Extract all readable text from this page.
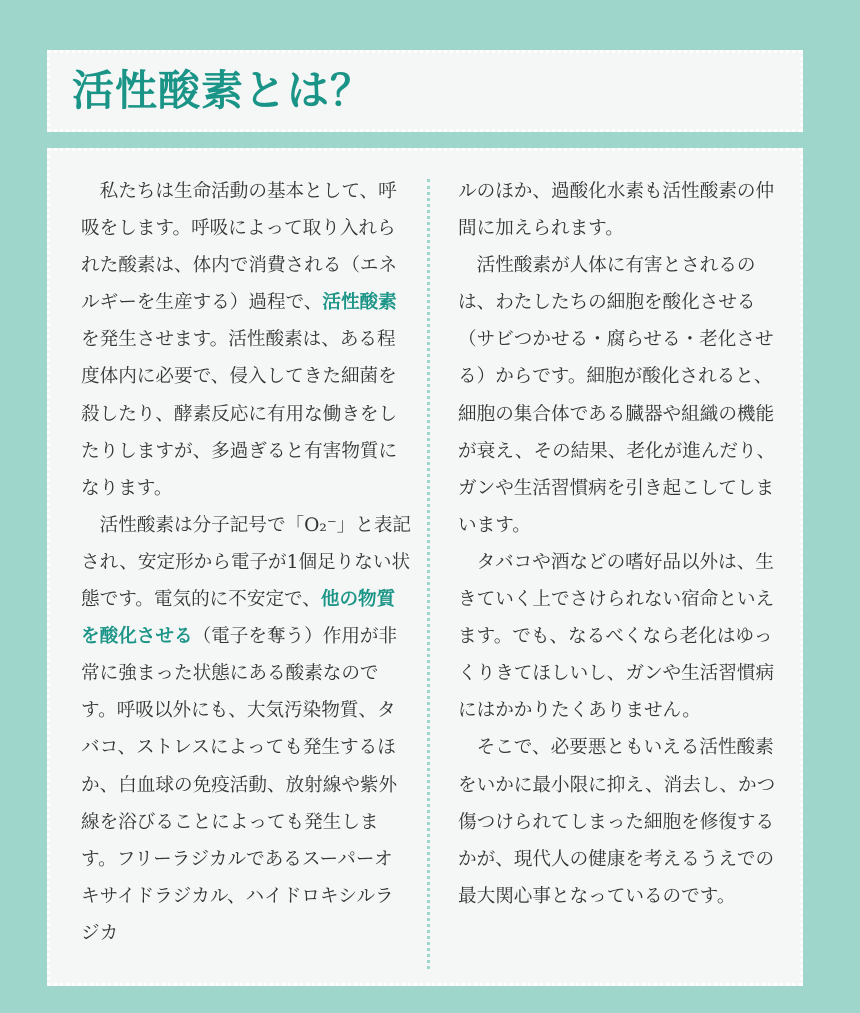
活性酸素とは？

私たちは生命活動の基本として、呼吸をします。呼吸によって取り入れられた酸素は、体内で消費される（エネルギーを生産する）過程で、活性酸素を発生させます。活性酸素は、ある程度体内に必要で、侵入してきた細菌を殺したり、酵素反応に有用な働きをしたりしますが、多過ぎると有害物質になります。

活性酸素は分子記号で「O₂⁻」と表記され、安定形から電子が1個足りない状態です。電気的に不安定で、他の物質を酸化させる（電子を奪う）作用が非常に強まった状態にある酸素なのです。呼吸以外にも、大気汚染物質、タバコ、ストレスによっても発生するほか、白血球の免疫活動、放射線や紫外線を浴びることによっても発生します。フリーラジカルであるスーパーオキサイドラジカル、ハイドロキシルラジカ

ルのほか、過酸化水素も活性酸素の仲間に加えられます。

活性酸素が人体に有害とされるのは、わたしたちの細胞を酸化させる（サビつかせる・腐らせる・老化させる）からです。細胞が酸化されると、細胞の集合体である臓器や組織の機能が衰え、その結果、老化が進んだり、ガンや生活習慣病を引き起こしてしまいます。

タバコや酒などの嗜好品以外は、生きていく上でさけられない宿命といえます。でも、なるべくなら老化はゆっくりきてほしいし、ガンや生活習慣病にはかかりたくありません。

そこで、必要悪ともいえる活性酸素をいかに最小限に抑え、消去し、かつ傷つけられてしまった細胞を修復するかが、現代人の健康を考えるうえでの最大関心事となっているのです。
